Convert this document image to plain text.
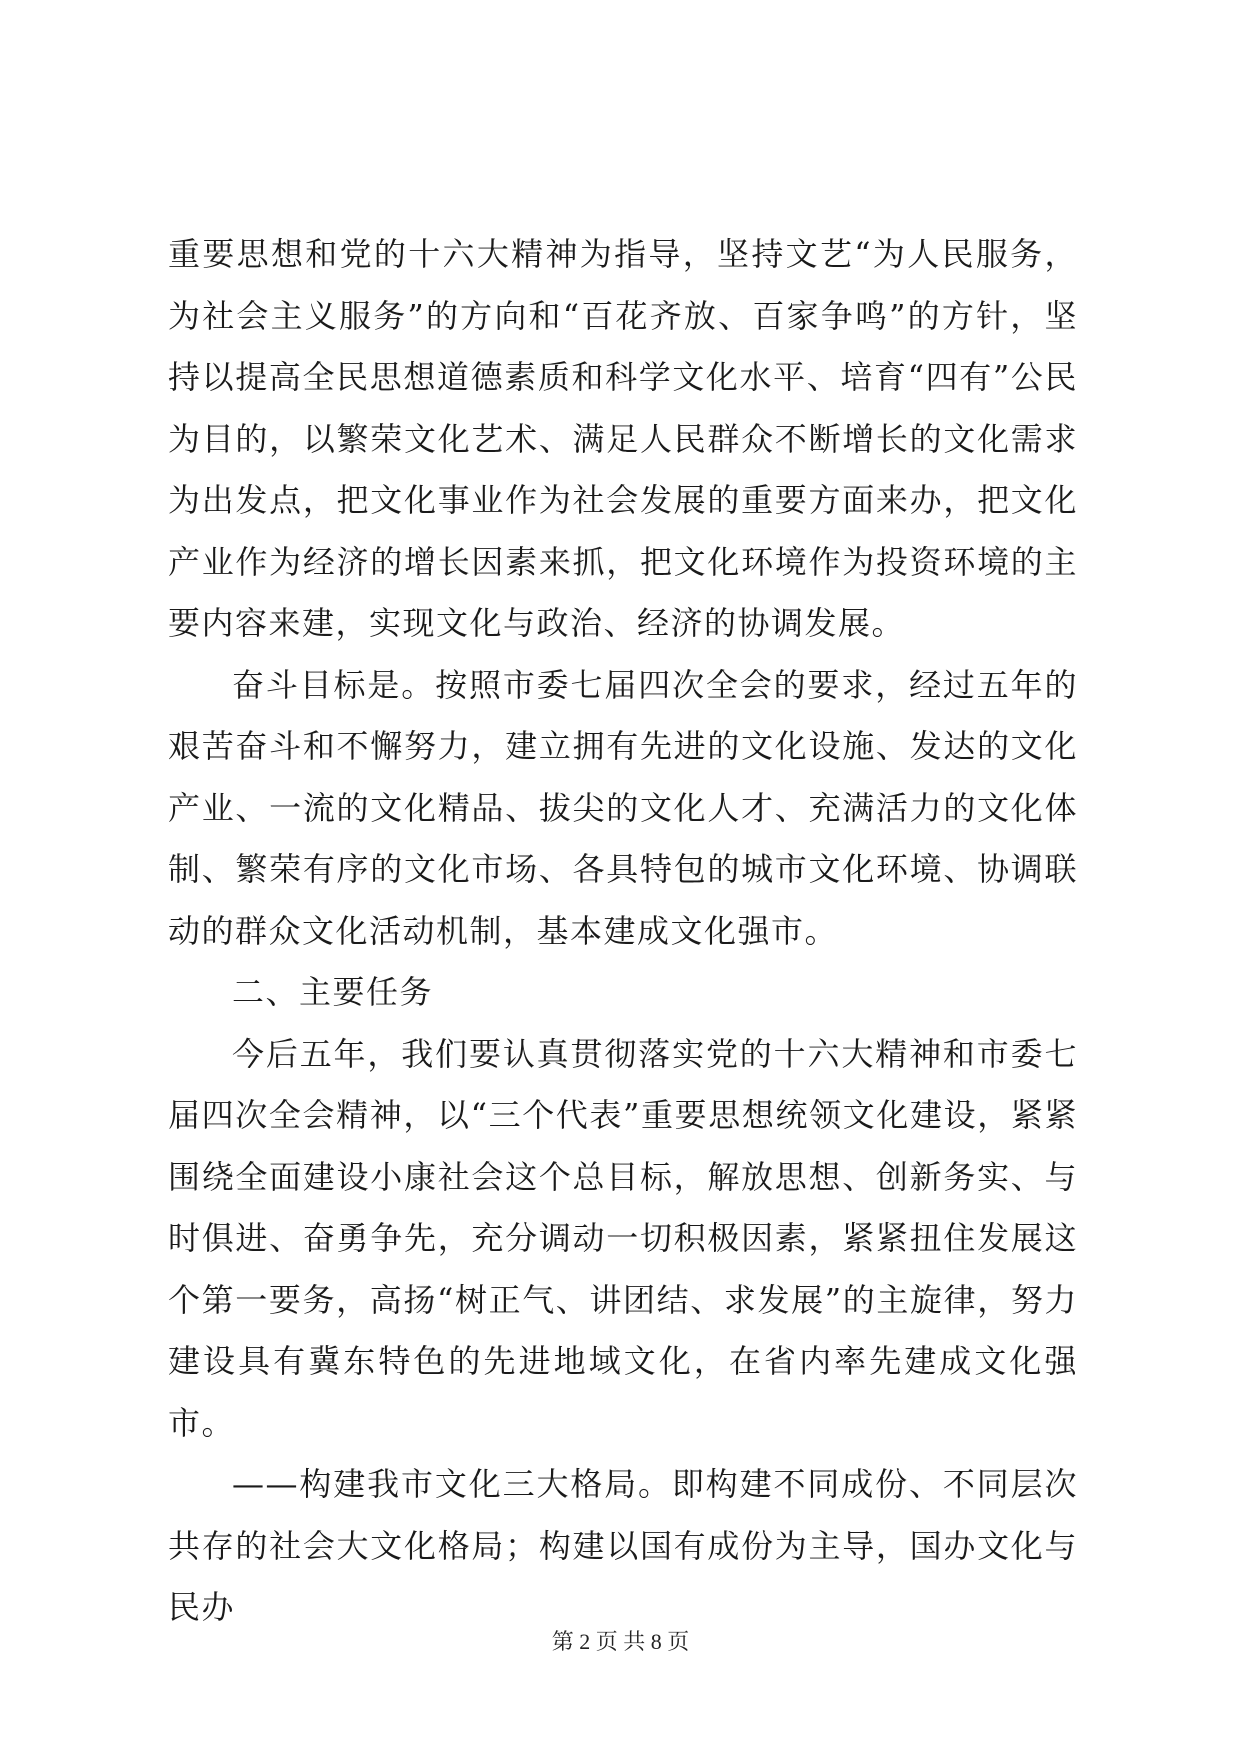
重要思想和党的十六大精神为指导，坚持文艺“为人民服务，为社会主义服务”的方向和“百花齐放、百家争鸣”的方针，坚持以提高全民思想道德素质和科学文化水平、培育“四有”公民为目的，以繁荣文化艺术、满足人民群众不断增长的文化需求为出发点，把文化事业作为社会发展的重要方面来办，把文化产业作为经济的增长因素来抓，把文化环境作为投资环境的主要内容来建，实现文化与政治、经济的协调发展。

奋斗目标是。按照市委七届四次全会的要求，经过五年的艰苦奋斗和不懈努力，建立拥有先进的文化设施、发达的文化产业、一流的文化精品、拔尖的文化人才、充满活力的文化体制、繁荣有序的文化市场、各具特包的城市文化环境、协调联动的群众文化活动机制，基本建成文化强市。

二、主要任务

今后五年，我们要认真贯彻落实党的十六大精神和市委七届四次全会精神，以“三个代表”重要思想统领文化建设，紧紧围绕全面建设小康社会这个总目标，解放思想、创新务实、与时俱进、奋勇争先，充分调动一切积极因素，紧紧扭住发展这个第一要务，高扬“树正气、讲团结、求发展”的主旋律，努力建设具有冀东特色的先进地域文化，在省内率先建成文化强市。

——构建我市文化三大格局。即构建不同成份、不同层次共存的社会大文化格局；构建以国有成份为主导，国办文化与民办

第 2 页 共 8 页
